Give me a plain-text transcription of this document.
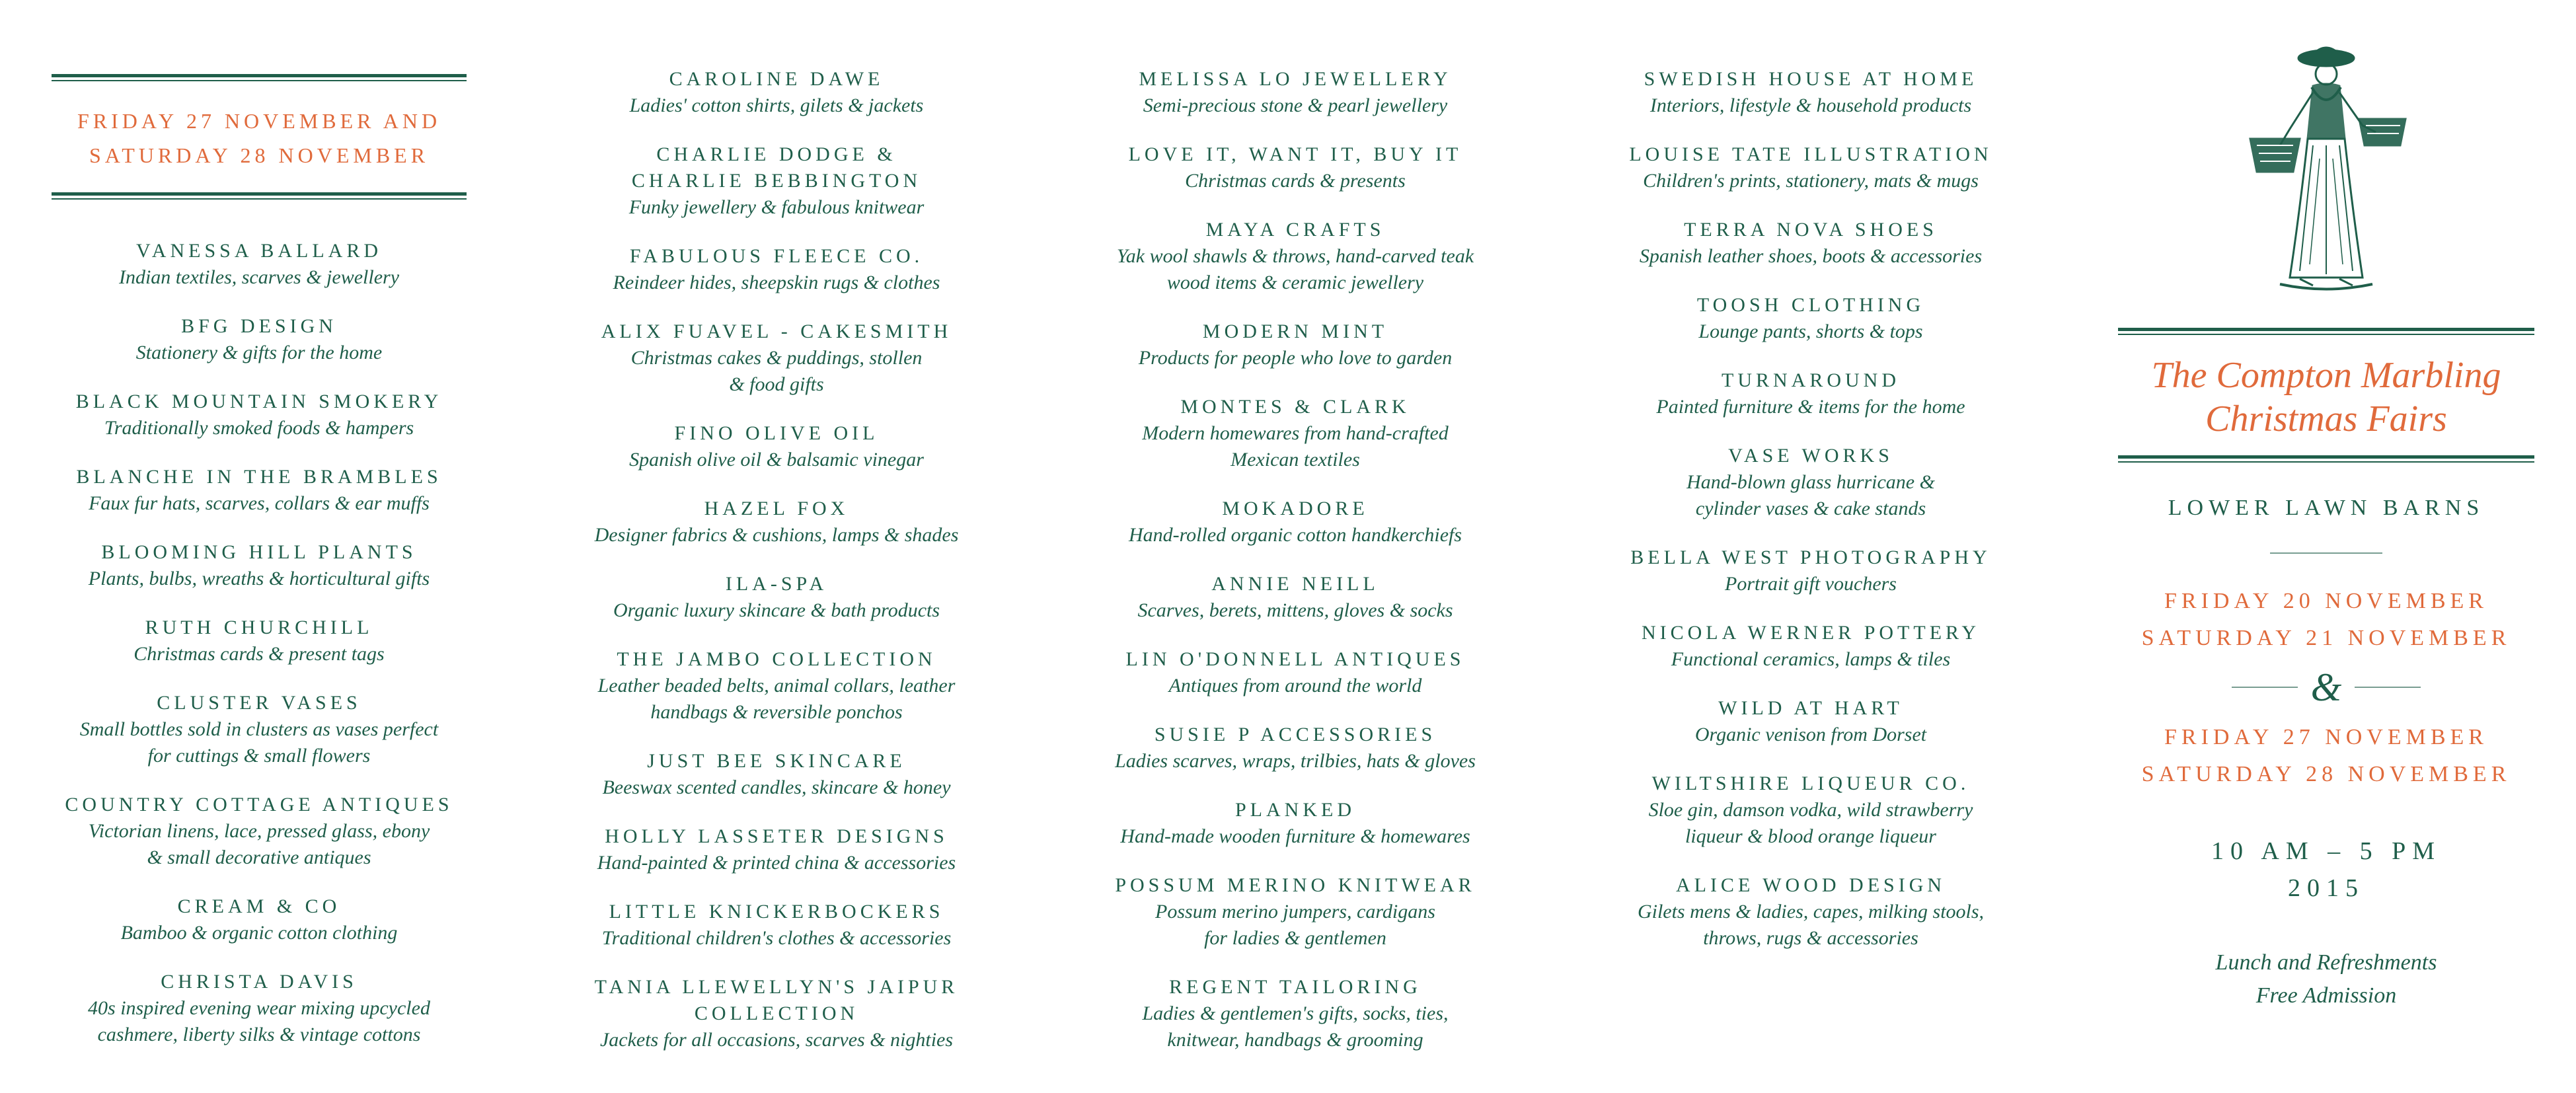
FRIDAY 27 NOVEMBER AND
SATURDAY 28 NOVEMBER
VANESSA BALLARD
Indian textiles, scarves & jewellery
BFG DESIGN
Stationery & gifts for the home
BLACK MOUNTAIN SMOKERY
Traditionally smoked foods & hampers
BLANCHE IN THE BRAMBLES
Faux fur hats, scarves, collars & ear muffs
BLOOMING HILL PLANTS
Plants, bulbs, wreaths & horticultural gifts
RUTH CHURCHILL
Christmas cards & present tags
CLUSTER VASES
Small bottles sold in clusters as vases perfect
for cuttings & small flowers
COUNTRY COTTAGE ANTIQUES
Victorian linens, lace, pressed glass, ebony
& small decorative antiques
CREAM & CO
Bamboo & organic cotton clothing
CHRISTA DAVIS
40s inspired evening wear mixing upcycled
cashmere, liberty silks & vintage cottons
CAROLINE DAWE
Ladies' cotton shirts, gilets & jackets
CHARLIE DODGE &
CHARLIE BEBBINGTON
Funky jewellery & fabulous knitwear
FABULOUS FLEECE CO.
Reindeer hides, sheepskin rugs & clothes
ALIX FUAVEL - CAKESMITH
Christmas cakes & puddings, stollen
& food gifts
FINO OLIVE OIL
Spanish olive oil & balsamic vinegar
HAZEL FOX
Designer fabrics & cushions, lamps & shades
ILA-SPA
Organic luxury skincare & bath products
THE JAMBO COLLECTION
Leather beaded belts, animal collars, leather
handbags & reversible ponchos
JUST BEE SKINCARE
Beeswax scented candles, skincare & honey
HOLLY LASSETER DESIGNS
Hand-painted & printed china & accessories
LITTLE KNICKERBOCKERS
Traditional children's clothes & accessories
TANIA LLEWELLYN'S JAIPUR
COLLECTION
Jackets for all occasions, scarves & nighties
MELISSA LO JEWELLERY
Semi-precious stone & pearl jewellery
LOVE IT, WANT IT, BUY IT
Christmas cards & presents
MAYA CRAFTS
Yak wool shawls & throws, hand-carved teak
wood items & ceramic jewellery
MODERN MINT
Products for people who love to garden
MONTES & CLARK
Modern homewares from hand-crafted
Mexican textiles
MOKADORE
Hand-rolled organic cotton handkerchiefs
ANNIE NEILL
Scarves, berets, mittens, gloves & socks
LIN O'DONNELL ANTIQUES
Antiques from around the world
SUSIE P ACCESSORIES
Ladies scarves, wraps, trilbies, hats & gloves
PLANKED
Hand-made wooden furniture & homewares
POSSUM MERINO KNITWEAR
Possum merino jumpers, cardigans
for ladies & gentlemen
REGENT TAILORING
Ladies & gentlemen's gifts, socks, ties,
knitwear, handbags & grooming
SWEDISH HOUSE AT HOME
Interiors, lifestyle & household products
LOUISE TATE ILLUSTRATION
Children's prints, stationery, mats & mugs
TERRA NOVA SHOES
Spanish leather shoes, boots & accessories
TOOSH CLOTHING
Lounge pants, shorts & tops
TURNAROUND
Painted furniture & items for the home
VASE WORKS
Hand-blown glass hurricane &
cylinder vases & cake stands
BELLA WEST PHOTOGRAPHY
Portrait gift vouchers
NICOLA WERNER POTTERY
Functional ceramics, lamps & tiles
WILD AT HART
Organic venison from Dorset
WILTSHIRE LIQUEUR CO.
Sloe gin, damson vodka, wild strawberry
liqueur & blood orange liqueur
ALICE WOOD DESIGN
Gilets mens & ladies, capes, milking stools,
throws, rugs & accessories
The Compton Marbling
Christmas Fairs
LOWER LAWN BARNS
FRIDAY 20 NOVEMBER
SATURDAY 21 NOVEMBER
&
FRIDAY 27 NOVEMBER
SATURDAY 28 NOVEMBER
10 AM – 5 PM
2015
Lunch and Refreshments
Free Admission
